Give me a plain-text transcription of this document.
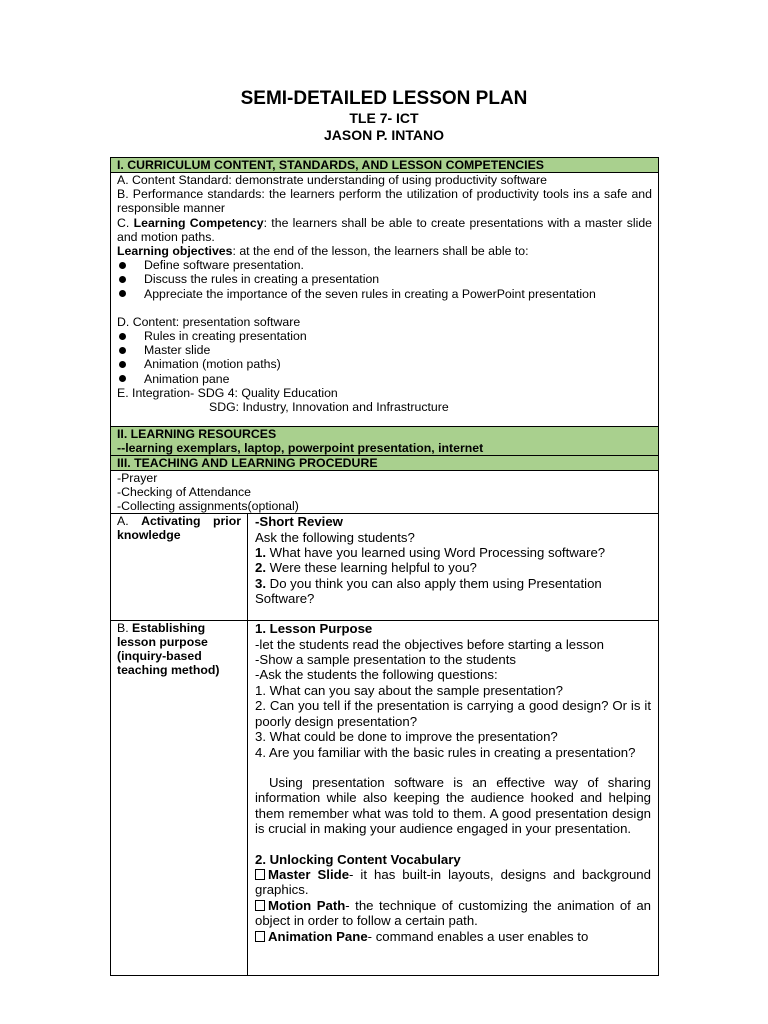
SEMI-DETAILED LESSON PLAN
TLE 7- ICT
JASON P. INTANO
I. CURRICULUM CONTENT, STANDARDS, AND LESSON COMPETENCIES

A. Content Standard: demonstrate understanding of using productivity software

B. Performance standards: the learners perform the utilization of productivity tools ins a safe and responsible manner

C. Learning Competency: the learners shall be able to create presentations with a master slide and motion paths.

Learning objectives: at the end of the lesson, the learners shall be able to:

Define software presentation.
Discuss the rules in creating a presentation
Appreciate the importance of the seven rules in creating a PowerPoint presentation

D. Content: presentation software

Rules in creating presentation
Master slide
Animation (motion paths)
Animation pane

E. Integration- SDG 4: Quality Education

SDG: Industry, Innovation and Infrastructure

II. LEARNING RESOURCES
--learning exemplars, laptop, powerpoint presentation, internet
III. TEACHING AND LEARNING PROCEDURE
-Prayer
-Checking of Attendance
-Collecting assignments(optional)
A. Activating prior
knowledge

-Short Review

Ask the following students?

1. What have you learned using Word Processing software?

2. Were these learning helpful to you?

3. Do you think you can also apply them using Presentation Software?

B. Establishing lesson purpose (inquiry-based teaching method)

1. Lesson Purpose

-let the students read the objectives before starting a lesson

-Show a sample presentation to the students

-Ask the students the following questions:

1. What can you say about the sample presentation?

2. Can you tell if the presentation is carrying a good design? Or is it poorly design presentation?

3. What could be done to improve the presentation?

4. Are you familiar with the basic rules in creating a presentation?

Using presentation software is an effective way of sharing information while also keeping the audience hooked and helping them remember what was told to them. A good presentation design is crucial in making your audience engaged in your presentation.

2. Unlocking Content Vocabulary

Master Slide- it has built-in layouts, designs and background graphics.

Motion Path- the technique of customizing the animation of an object in order to follow a certain path.

Animation Pane- command enables a user enables to
